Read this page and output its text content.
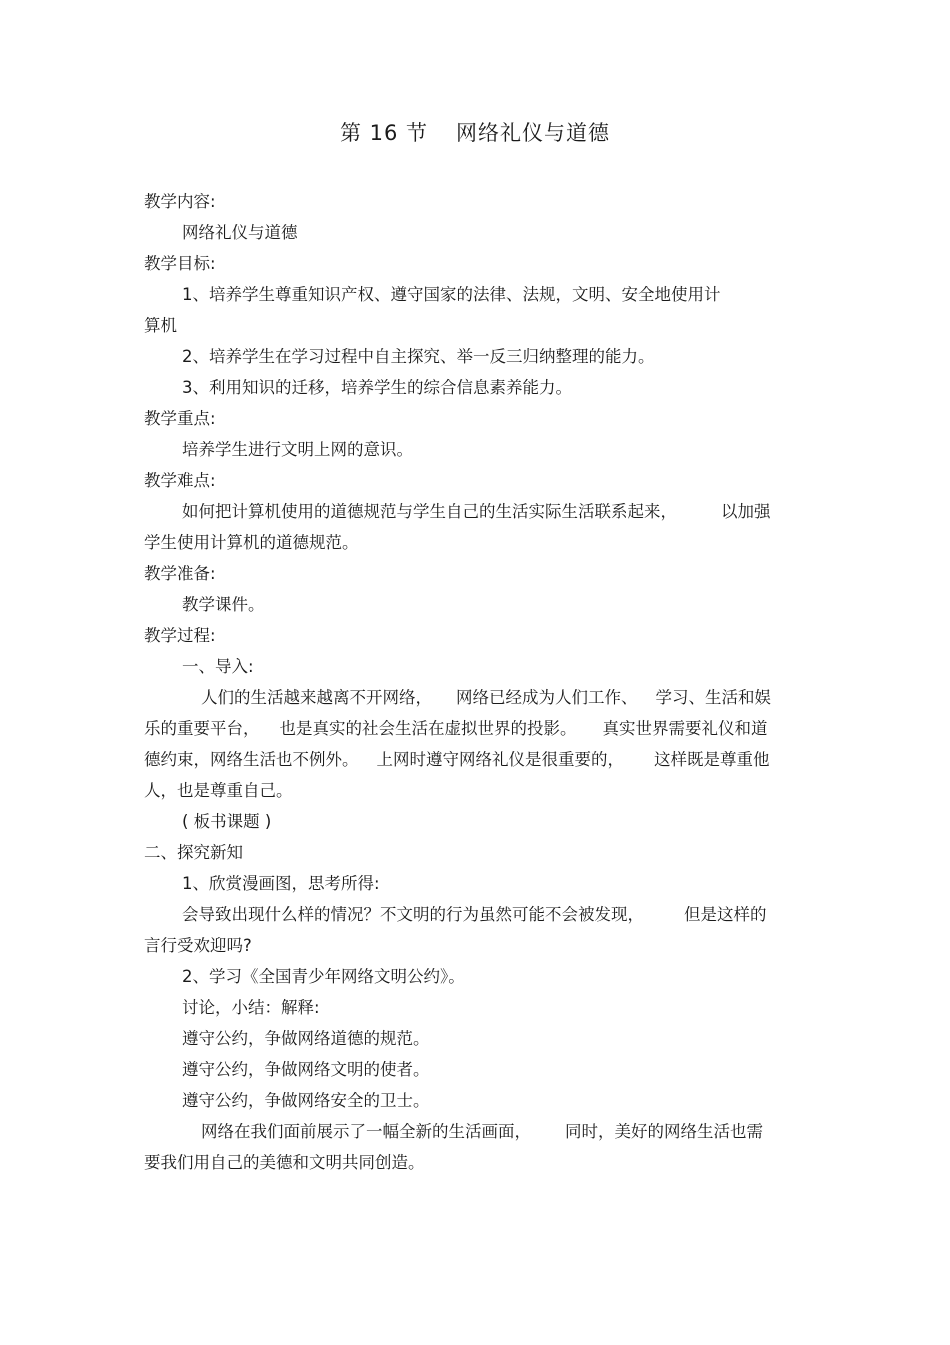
第 16 节 网络礼仪与道德
教学内容:
网络礼仪与道德
教学目标:
1、培养学生尊重知识产权、遵守国家的法律、法规，文明、安全地使用计
算机
2、培养学生在学习过程中自主探究、举一反三归纳整理的能力。
3、利用知识的迁移，培养学生的综合信息素养能力。
教学重点:
培养学生进行文明上网的意识。
教学难点:
如何把计算机使用的道德规范与学生自己的生活实际生活联系起来，	以加强
学生使用计算机的道德规范。
教学准备:
教学课件。
教学过程:
一、导入:
人们的生活越来越离不开网络， 网络已经成为人们工作、 学习、生活和娱
乐的重要平台， 也是真实的社会生活在虚拟世界的投影。 真实世界需要礼仪和道
德约束，网络生活也不例外。 上网时遵守网络礼仪是很重要的， 这样既是尊重他
人，也是尊重自己。
( 板书课题 )
二、探究新知
1、欣赏漫画图，思考所得:
会导致出现什么样的情况？不文明的行为虽然可能不会被发现， 但是这样的
言行受欢迎吗?
2、学习《全国青少年网络文明公约》。
讨论，小结：解释:
遵守公约，争做网络道德的规范。
遵守公约，争做网络文明的使者。
遵守公约，争做网络安全的卫士。
网络在我们面前展示了一幅全新的生活画面， 同时，美好的网络生活也需
要我们用自己的美德和文明共同创造。
